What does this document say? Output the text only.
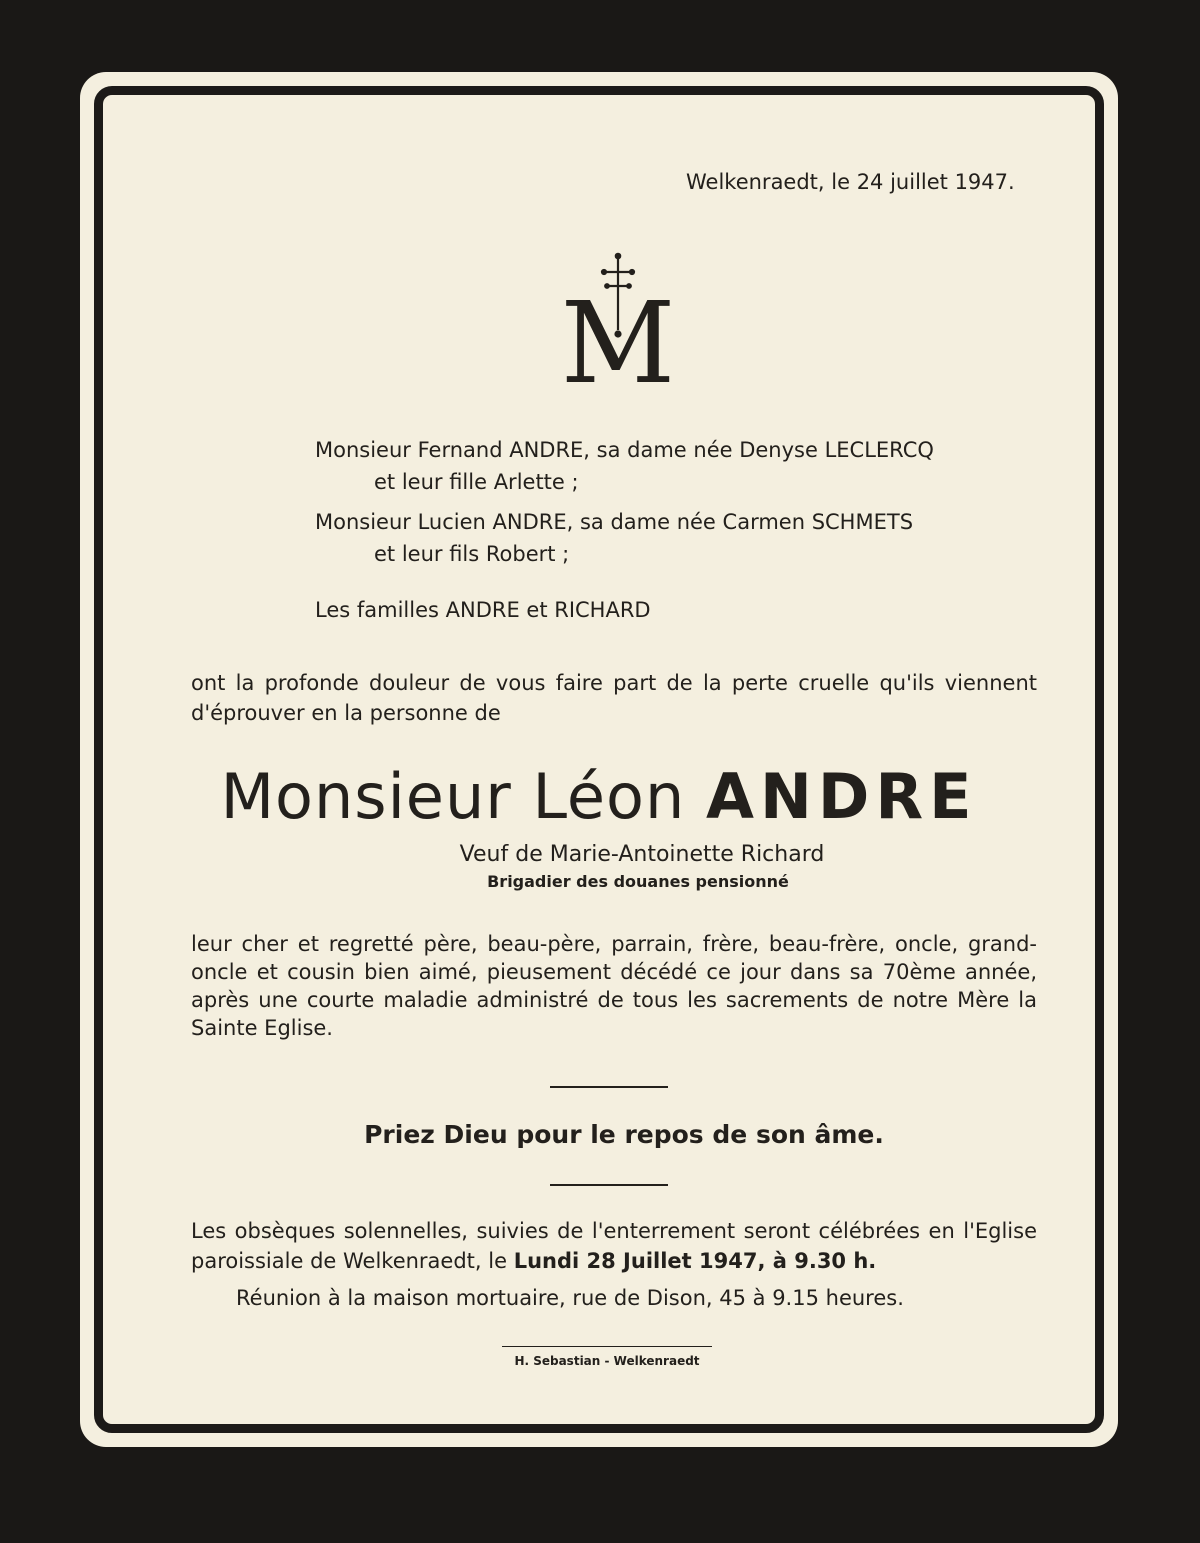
Welkenraedt, le 24 juillet 1947.
M
Monsieur Fernand ANDRE, sa dame née Denyse LECLERCQ
et leur fille Arlette ;
Monsieur Lucien ANDRE, sa dame née Carmen SCHMETS
et leur fils Robert ;
Les familles ANDRE et RICHARD
ont la profonde douleur de vous faire part de la perte cruelle qu'ils viennent d'éprouver en la personne de
Monsieur Léon ANDRE
Veuf de Marie-Antoinette Richard
Brigadier des douanes pensionné
leur cher et regretté père, beau-père, parrain, frère, beau-frère, oncle, grand-oncle et cousin bien aimé, pieusement décédé ce jour dans sa 70ème année, après une courte maladie administré de tous les sacrements de notre Mère la Sainte Eglise.
Priez Dieu pour le repos de son âme.
Les obsèques solennelles, suivies de l'enterrement seront célébrées en l'Eglise paroissiale de Welkenraedt, le Lundi 28 Juillet 1947, à 9.30 h.
Réunion à la maison mortuaire, rue de Dison, 45 à 9.15 heures.
H. Sebastian - Welkenraedt
